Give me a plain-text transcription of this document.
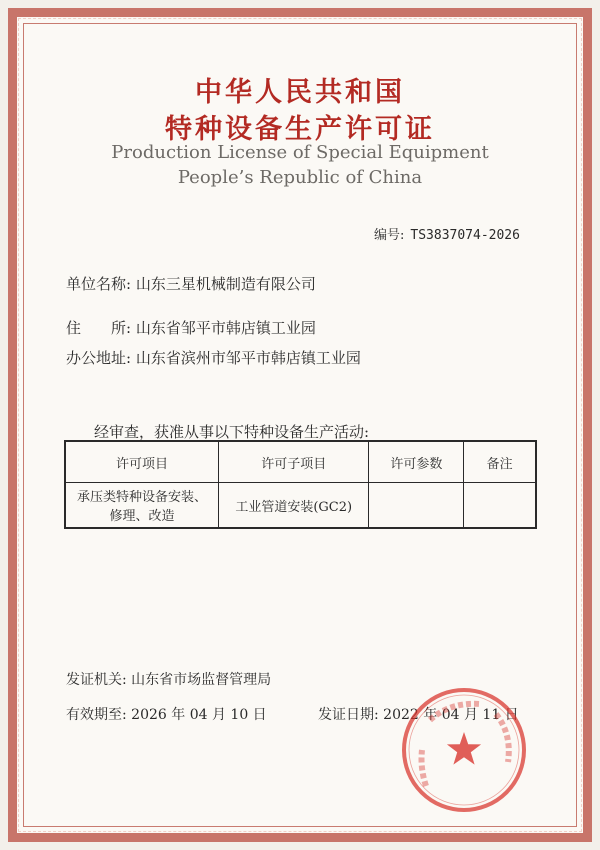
中华人民共和国
特种设备生产许可证
Production License of Special Equipment
People’s Republic of China
编号: TS3837074-2026
单位名称: 山东三星机械制造有限公司
住　　所: 山东省邹平市韩店镇工业园
办公地址: 山东省滨州市邹平市韩店镇工业园
经审查，获准从事以下特种设备生产活动:
许可项目	许可子项目	许可参数	备注

承压类特种设备安装、
修理、改造	工业管道安装(GC2)		
发证机关: 山东省市场监督管理局
有效期至: 2026 年 04 月 10 日	发证日期: 2022 年 04 月 11 日
